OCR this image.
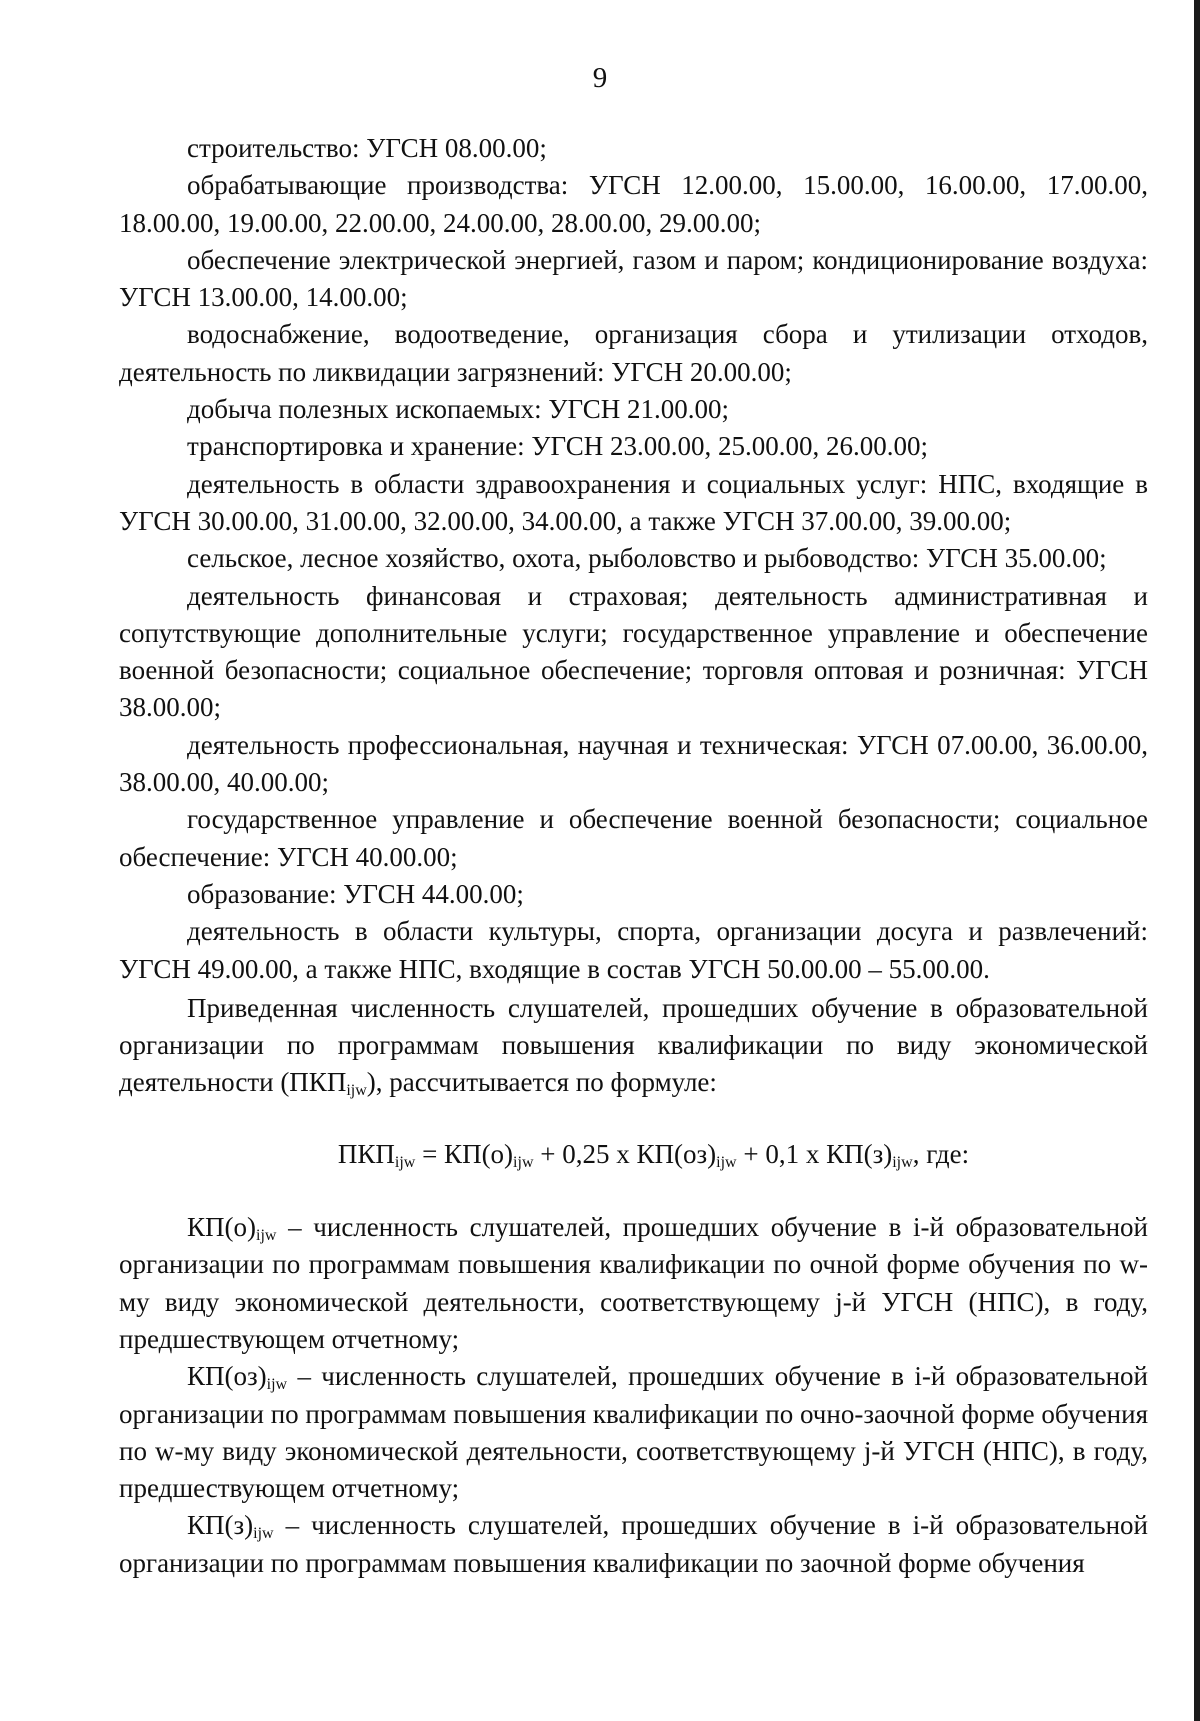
9

строительство: УГСН 08.00.00;

обрабатывающие производства: УГСН 12.00.00, 15.00.00, 16.00.00, 17.00.00, 18.00.00, 19.00.00, 22.00.00, 24.00.00, 28.00.00, 29.00.00;

обеспечение электрической энергией, газом и паром; кондиционирование воздуха: УГСН 13.00.00, 14.00.00;

водоснабжение, водоотведение, организация сбора и утилизации отходов, деятельность по ликвидации загрязнений: УГСН 20.00.00;

добыча полезных ископаемых: УГСН 21.00.00;

транспортировка и хранение: УГСН 23.00.00, 25.00.00, 26.00.00;

деятельность в области здравоохранения и социальных услуг: НПС, входящие в УГСН 30.00.00, 31.00.00, 32.00.00, 34.00.00, а также УГСН 37.00.00, 39.00.00;

сельское, лесное хозяйство, охота, рыболовство и рыбоводство: УГСН 35.00.00;

деятельность финансовая и страховая; деятельность административная и сопутствующие дополнительные услуги; государственное управление и обеспечение военной безопасности; социальное обеспечение; торговля оптовая и розничная: УГСН 38.00.00;

деятельность профессиональная, научная и техническая: УГСН 07.00.00, 36.00.00, 38.00.00, 40.00.00;

государственное управление и обеспечение военной безопасности; социальное обеспечение: УГСН 40.00.00;

образование: УГСН 44.00.00;

деятельность в области культуры, спорта, организации досуга и развлечений: УГСН 49.00.00, а также НПС, входящие в состав УГСН 50.00.00 – 55.00.00.

Приведенная численность слушателей, прошедших обучение в образовательной организации по программам повышения квалификации по виду экономической деятельности $(ПКП_{ijw})$, рассчитывается по формуле:

$ПКП_{ijw} = КП(о)_{ijw} + 0,25$ х $КП(оз)_{ijw} + 0,1$ х $КП(з)_{ijw}$, где:

$КП(о)_{ijw}$ – численность слушателей, прошедших обучение в i-й образовательной организации по программам повышения квалификации по очной форме обучения по w-му виду экономической деятельности, соответствующему j-й УГСН (НПС), в году, предшествующем отчетному;

$КП(оз)_{ijw}$ – численность слушателей, прошедших обучение в i-й образовательной организации по программам повышения квалификации по очно-заочной форме обучения по w-му виду экономической деятельности, соответствующему j-й УГСН (НПС), в году, предшествующем отчетному;

$КП(з)_{ijw}$ – численность слушателей, прошедших обучение в i-й образовательной организации по программам повышения квалификации по заочной форме обучения
